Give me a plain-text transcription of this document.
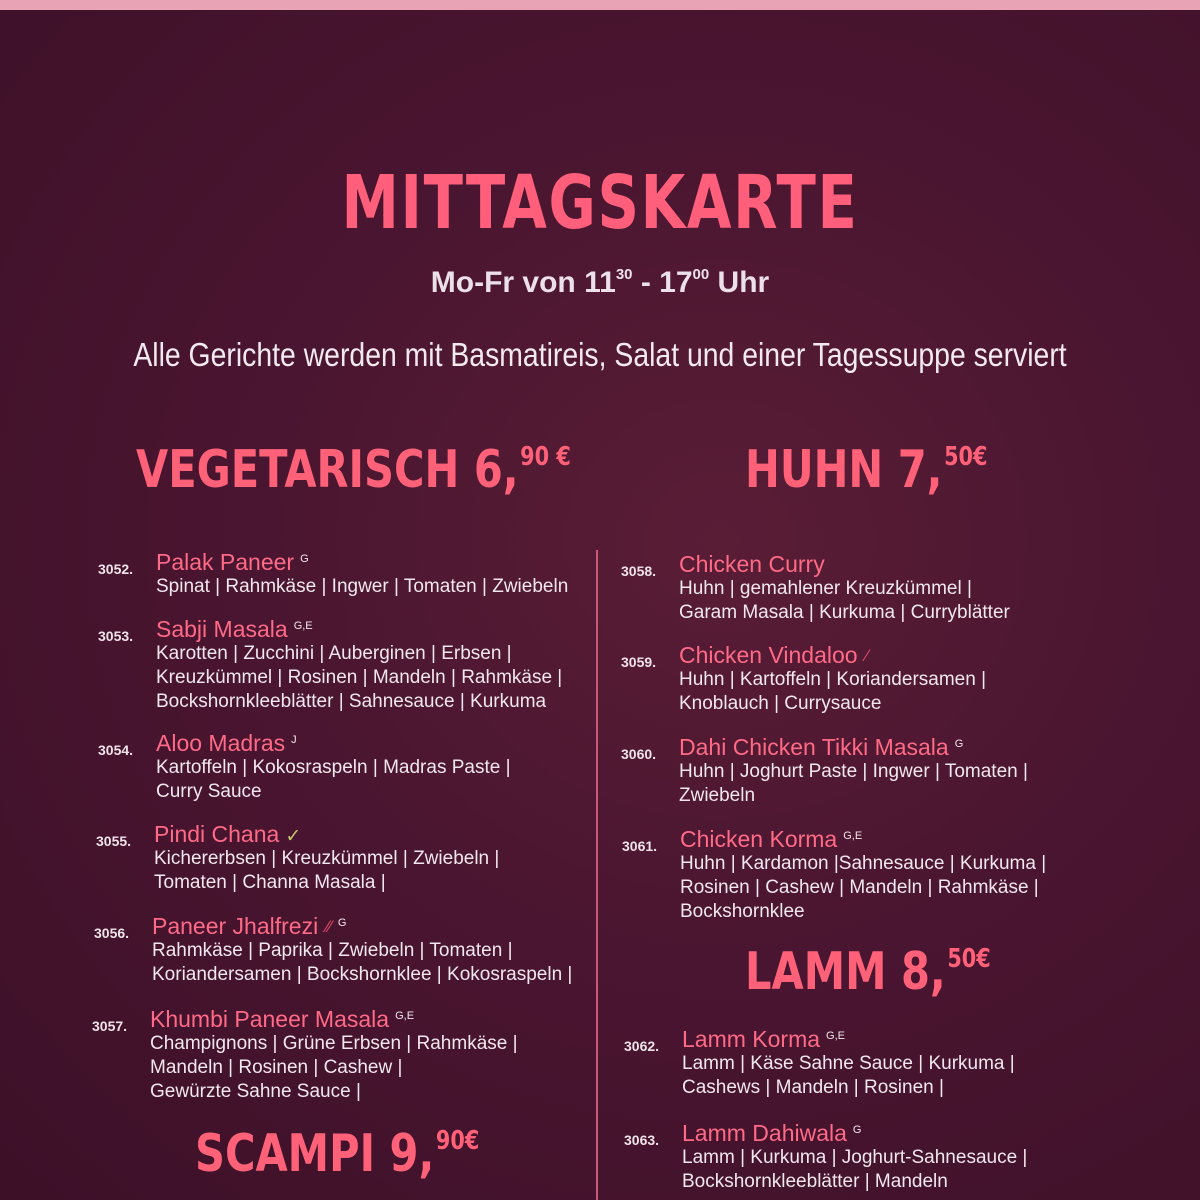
MITTAGSKARTE
Mo-Fr von $11^{30} - 17^{00}$ Uhr
Alle Gerichte werden mit Basmatireis, Salat und einer Tagessuppe serviert
VEGETARISCH 6,$^{90 €}$	HUHN 7,$^{50€}$
LAMM 8,$^{50€}$
SCAMPI 9,$^{90€}$
3052. Palak Paneer $^G$
Spinat | Rahmkäse | Ingwer | Tomaten | Zwiebeln
3053. Sabji Masala $^{G,E}$
Karotten | Zucchini | Auberginen | Erbsen |
Kreuzkümmel | Rosinen | Mandeln | Rahmkäse |
Bockshornkleeblätter | Sahnesauce | Kurkuma
3054. Aloo Madras $^J$
Kartoffeln | Kokosraspeln | Madras Paste |
Curry Sauce
3055. Pindi Chana ✓
Kichererbsen | Kreuzkümmel | Zwiebeln |
Tomaten | Channa Masala |
3056. Paneer Jhalfrezi ⁄⁄ $^G$
Rahmkäse | Paprika | Zwiebeln | Tomaten |
Koriandersamen | Bockshornklee | Kokosraspeln |
3057. Khumbi Paneer Masala $^{G,E}$
Champignons | Grüne Erbsen | Rahmkäse |
Mandeln | Rosinen | Cashew |
Gewürzte Sahne Sauce |
3058. Chicken Curry
Huhn | gemahlener Kreuzkümmel |
Garam Masala | Kurkuma | Curryblätter
3059. Chicken Vindaloo ⁄
Huhn | Kartoffeln | Koriandersamen |
Knoblauch | Currysauce
3060. Dahi Chicken Tikki Masala $^G$
Huhn | Joghurt Paste | Ingwer | Tomaten |
Zwiebeln
3061. Chicken Korma $^{G,E}$
Huhn | Kardamon |Sahnesauce | Kurkuma |
Rosinen | Cashew | Mandeln | Rahmkäse |
Bockshornklee
3062. Lamm Korma $^{G,E}$
Lamm | Käse Sahne Sauce | Kurkuma |
Cashews | Mandeln | Rosinen |
3063. Lamm Dahiwala $^G$
Lamm | Kurkuma | Joghurt-Sahnesauce |
Bockshornkleeblätter | Mandeln
